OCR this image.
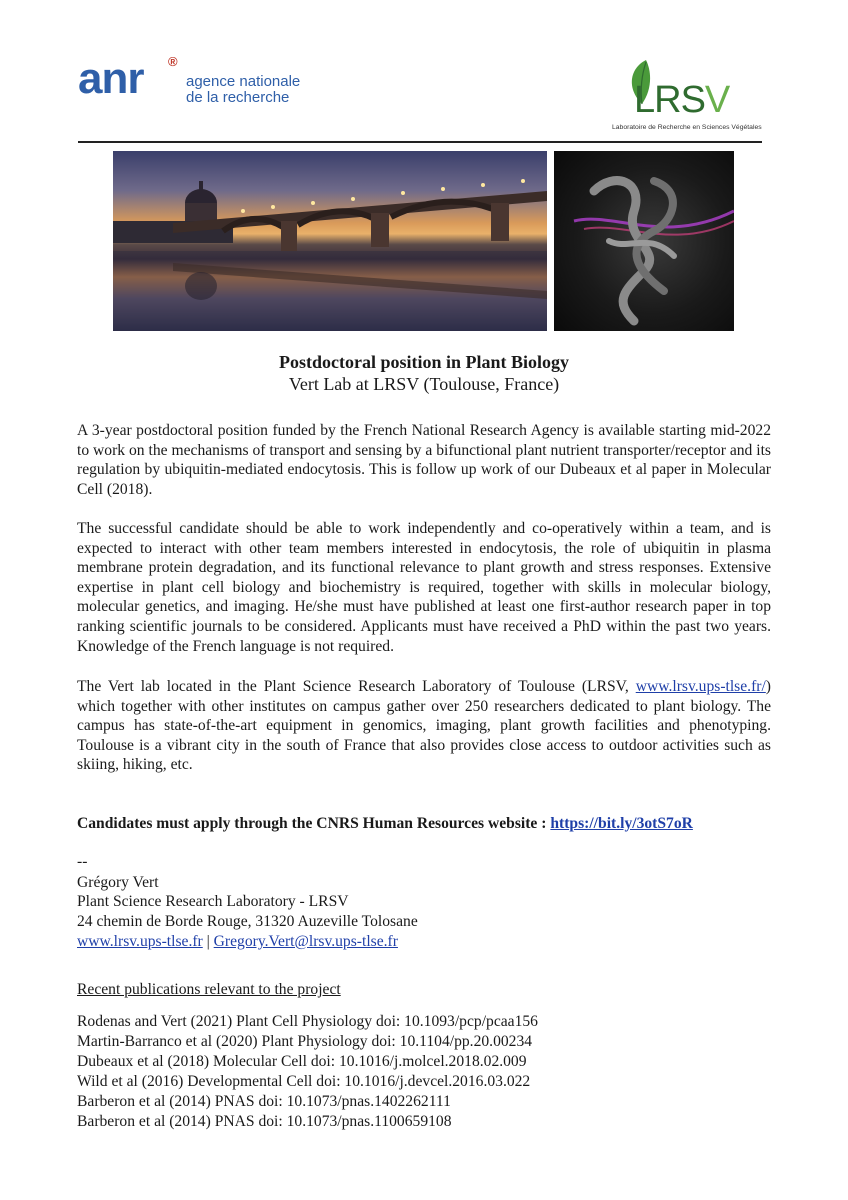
anr ®
agence nationale
de la recherche	LRSV
Laboratoire de Recherche en Sciences Végétales
Postdoctoral position in Plant Biology
Vert Lab at LRSV (Toulouse, France)

A 3-year postdoctoral position funded by the French National Research Agency is available starting mid-2022 to work on the mechanisms of transport and sensing by a bifunctional plant nutrient transporter/receptor and its regulation by ubiquitin-mediated endocytosis. This is follow up work of our Dubeaux et al paper in Molecular Cell (2018).

The successful candidate should be able to work independently and co-operatively within a team, and is expected to interact with other team members interested in endocytosis, the role of ubiquitin in plasma membrane protein degradation, and its functional relevance to plant growth and stress responses. Extensive expertise in plant cell biology and biochemistry is required, together with skills in molecular biology, molecular genetics, and imaging. He/she must have published at least one first-author research paper in top ranking scientific journals to be considered. Applicants must have received a PhD within the past two years. Knowledge of the French language is not required.

The Vert lab located in the Plant Science Research Laboratory of Toulouse (LRSV, www.lrsv.ups-tlse.fr/) which together with other institutes on campus gather over 250 researchers dedicated to plant biology. The campus has state-of-the-art equipment in genomics, imaging, plant growth facilities and phenotyping. Toulouse is a vibrant city in the south of France that also provides close access to outdoor activities such as skiing, hiking, etc.

Candidates must apply through the CNRS Human Resources website : https://bit.ly/3otS7oR
--
Grégory Vert
Plant Science Research Laboratory - LRSV
24 chemin de Borde Rouge, 31320 Auzeville Tolosane
www.lrsv.ups-tlse.fr | Gregory.Vert@lrsv.ups-tlse.fr
Recent publications relevant to the project
Rodenas and Vert (2021) Plant Cell Physiology doi: 10.1093/pcp/pcaa156
Martin-Barranco et al (2020) Plant Physiology doi: 10.1104/pp.20.00234
Dubeaux et al (2018) Molecular Cell doi: 10.1016/j.molcel.2018.02.009
Wild et al (2016) Developmental Cell doi: 10.1016/j.devcel.2016.03.022
Barberon et al (2014) PNAS doi: 10.1073/pnas.1402262111
Barberon et al (2014) PNAS doi: 10.1073/pnas.1100659108
